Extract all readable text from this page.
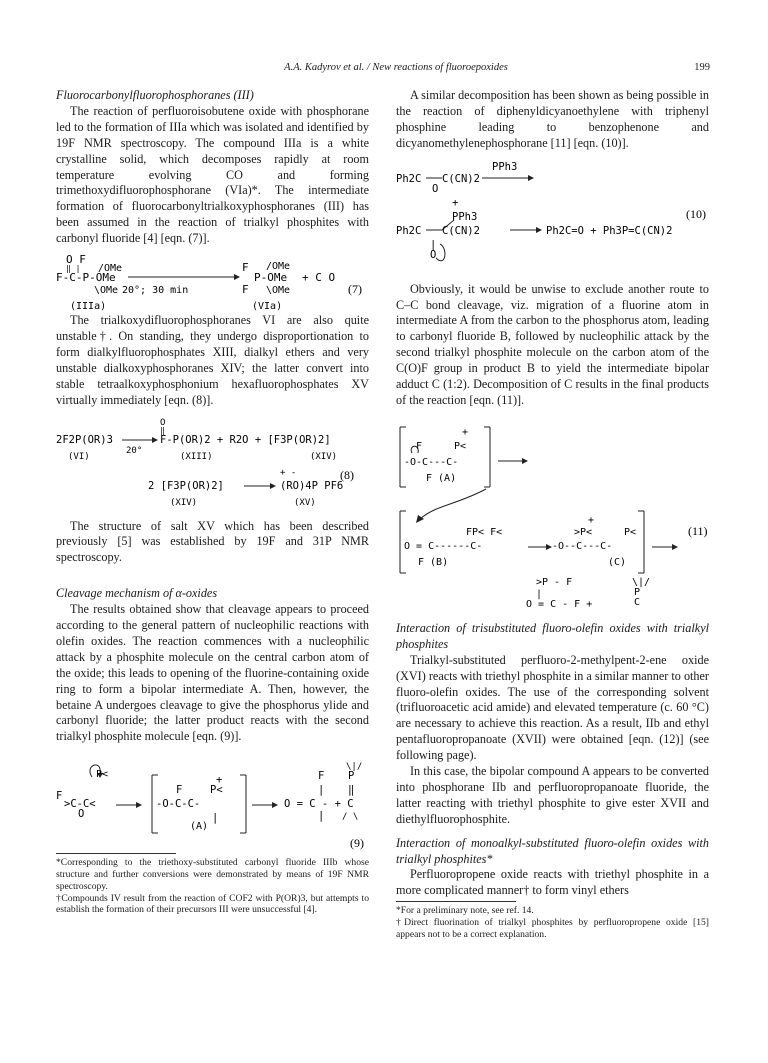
A.A. Kadyrov et al. / New reactions of fluoroepoxides	199
Fluorocarbonylfluorophosphoranes (III)

The reaction of perfluoroisobutene oxide with phosphorane led to the formation of IIIa which was isolated and identified by 19F NMR spectroscopy. The compound IIIa is a white crystalline solid, which decomposes rapidly at room temperature evolving CO and forming trimethoxydifluorophosphorane (VIa)*. The intermediate formation of fluorocarbonyltrialkoxyphosphoranes (III) has been assumed in the reaction of trialkyl phosphites with carbonyl fluoride [4] [eqn. (7)].

O F
‖ |
F-C-P-OMe
/OMe
\OMe 20°; 30 min
F /OMe
P-OMe
F \OMe
+ C O
(7)
(IIIa)	(VIa)

The trialkoxydifluorophosphoranes VI are also quite unstable†. On standing, they undergo disproportionation to form dialkylfluorophosphates XIII, dialkyl ethers and very unstable dialkoxyphosphoranes XIV; the latter convert into stable tetraalkoxyphosphonium hexafluorophosphates XV virtually immediately [eqn. (8)].

O
‖
2F2P(OR)3
20°
F-P(OR)2 + R2O + [F3P(OR)2]
(VI)	(XIII)	(XIV)
(8)
2 [F3P(OR)2]
+ -
(RO)4P PF6
(XIV)	(XV)

The structure of salt XV which has been described previously [5] was established by 19F and 31P NMR spectroscopy.

Cleavage mechanism of α-oxides

The results obtained show that cleavage appears to proceed according to the general pattern of nucleophilic reactions with olefin oxides. The reaction commences with a nucleophilic attack by a phosphite molecule on the central carbon atom of the oxide; this leads to opening of the fluorine-containing oxide ring to form a bipolar intermediate A. Then, however, the betaine A undergoes cleavage to give the phosphorus ylide and carbonyl fluoride; the latter product reacts with the second trialkyl phosphite molecule [eqn. (9)].

P<
F
>C-C<
O
F
+
P<
-O-C-C-
|
(A)
F P
\|/
| ‖
O = C - + C
| / \
(9)
*Corresponding to the triethoxy-substituted carbonyl fluoride IIIb whose structure and further conversions were demonstrated by means of 19F NMR spectroscopy.
†Compounds IV result from the reaction of COF2 with P(OR)3, but attempts to establish the formation of their precursors III were unsuccessful [4].

A similar decomposition has been shown as being possible in the reaction of diphenyldicyanoethylene with triphenyl phosphine leading to benzophenone and dicyanomethylenephosphorane [11] [eqn. (10)].

PPh3
Ph2C C(CN)2
O
+
PPh3
Ph2C C(CN)2	Ph2C=O + Ph3P=C(CN)2
|
O
(10)

Obviously, it would be unwise to exclude another route to C–C bond cleavage, viz. migration of a fluorine atom in intermediate A from the carbon to the phosphorus atom, leading to carbonyl fluoride B, followed by nucleophilic attack by the second trialkyl phosphite molecule on the carbon atom of the C(O)F group in product B to yield the intermediate bipolar adduct C (1:2). Decomposition of C results in the final products of the reaction [eqn. (11)].

+
F	P<
-O-C---C-
F (A)
FP< F<
O = C------C-
F (B)
+
>P<	P<
-O--C---C-
(C)
(11)
>P - F
|
O = C - F +
\|/
P
C
Interaction of trisubstituted fluoro-olefin oxides with trialkyl phosphites

Trialkyl-substituted perfluoro-2-methylpent-2-ene oxide (XVI) reacts with triethyl phosphite in a similar manner to other fluoro-olefin oxides. The use of the corresponding solvent (trifluoroacetic acid amide) and elevated temperature (c. 60 °C) are necessary to achieve this reaction. As a result, IIb and ethyl pentafluoropropanoate (XVII) were obtained [eqn. (12)] (see following page).

In this case, the bipolar compound A appears to be converted into phosphorane IIb and perfluoropropanoate fluoride, the latter reacting with triethyl phosphite to give ester XVII and diethylfluorophosphite.

Interaction of monoalkyl-substituted fluoro-olefin oxides with trialkyl phosphites*

Perfluoropropene oxide reacts with triethyl phosphite in a more complicated manner† to form vinyl ethers

*For a preliminary note, see ref. 14.
†Direct fluorination of trialkyl phosphites by perfluoropropene oxide [15] appears not to be a correct explanation.
